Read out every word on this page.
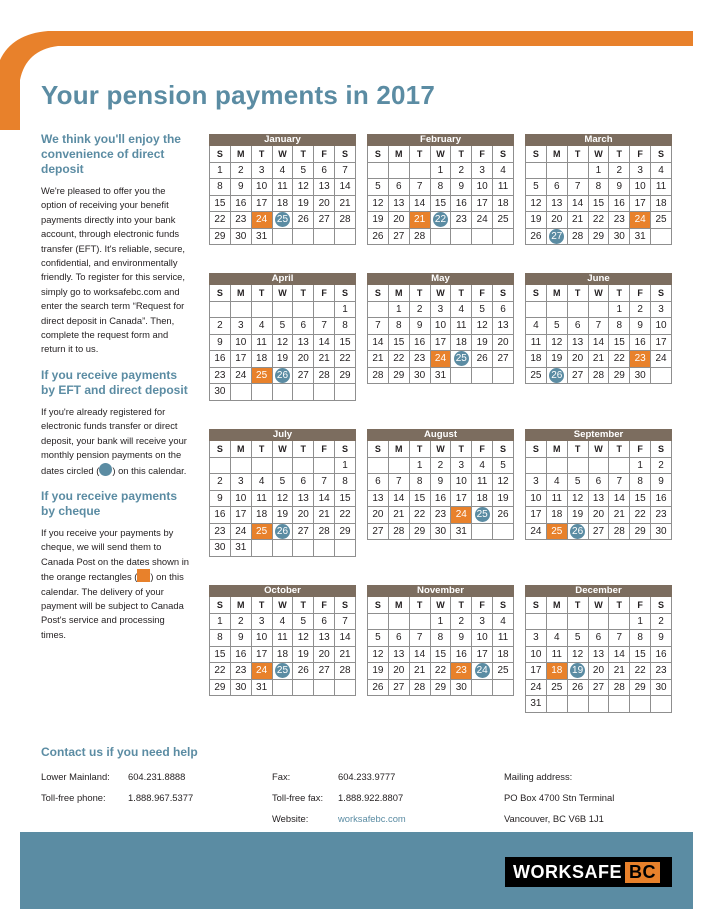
Your pension payments in 2017
We think you'll enjoy the convenience of direct deposit

We're pleased to offer you the option of receiving your benefit payments directly into your bank account, through electronic funds transfer (EFT). It's reliable, secure, confidential, and environmentally friendly. To register for this service, simply go to worksafebc.com and enter the search term “Request for direct deposit in Canada”. Then, complete the request form and return it to us.

If you receive payments by EFT and direct deposit

If you're already registered for electronic funds transfer or direct deposit, your bank will receive your monthly pension payments on the dates circled ( ) on this calendar.

If you receive payments by cheque

If you receive your payments by cheque, we will send them to Canada Post on the dates shown in the orange rectangles ( ) on this calendar. The delivery of your payment will be subject to Canada Post's service and processing times.

January
S	M	T	W	T	F	S
1	2	3	4	5	6	7
8	9	10	11	12	13	14
15	16	17	18	19	20	21
22	23	24	25	26	27	28
29	30	31				
February
S	M	T	W	T	F	S
			1	2	3	4
5	6	7	8	9	10	11
12	13	14	15	16	17	18
19	20	21	22	23	24	25
26	27	28				
March
S	M	T	W	T	F	S
			1	2	3	4
5	6	7	8	9	10	11
12	13	14	15	16	17	18
19	20	21	22	23	24	25
26	27	28	29	30	31	
April
S	M	T	W	T	F	S
						1
2	3	4	5	6	7	8
9	10	11	12	13	14	15
16	17	18	19	20	21	22
23	24	25	26	27	28	29
30						
May
S	M	T	W	T	F	S
	1	2	3	4	5	6
7	8	9	10	11	12	13
14	15	16	17	18	19	20
21	22	23	24	25	26	27
28	29	30	31			
June
S	M	T	W	T	F	S
				1	2	3
4	5	6	7	8	9	10
11	12	13	14	15	16	17
18	19	20	21	22	23	24
25	26	27	28	29	30	
July
S	M	T	W	T	F	S
						1
2	3	4	5	6	7	8
9	10	11	12	13	14	15
16	17	18	19	20	21	22
23	24	25	26	27	28	29
30	31					
August
S	M	T	W	T	F	S
		1	2	3	4	5
6	7	8	9	10	11	12
13	14	15	16	17	18	19
20	21	22	23	24	25	26
27	28	29	30	31		
September
S	M	T	W	T	F	S
					1	2
3	4	5	6	7	8	9
10	11	12	13	14	15	16
17	18	19	20	21	22	23
24	25	26	27	28	29	30
October
S	M	T	W	T	F	S
1	2	3	4	5	6	7
8	9	10	11	12	13	14
15	16	17	18	19	20	21
22	23	24	25	26	27	28
29	30	31				
November
S	M	T	W	T	F	S
			1	2	3	4
5	6	7	8	9	10	11
12	13	14	15	16	17	18
19	20	21	22	23	24	25
26	27	28	29	30		
December
S	M	T	W	T	F	S
					1	2
3	4	5	6	7	8	9
10	11	12	13	14	15	16
17	18	19	20	21	22	23
24	25	26	27	28	29	30
31						
Contact us if you need help
Lower Mainland: 604.231.8888
Toll-free phone: 1.888.967.5377
Fax:	604.233.9777
Toll-free fax: 1.888.922.8807
Website:	worksafebc.com
Mailing address:
PO Box 4700 Stn Terminal
Vancouver, BC V6B 1J1
WORK SAFE BC
